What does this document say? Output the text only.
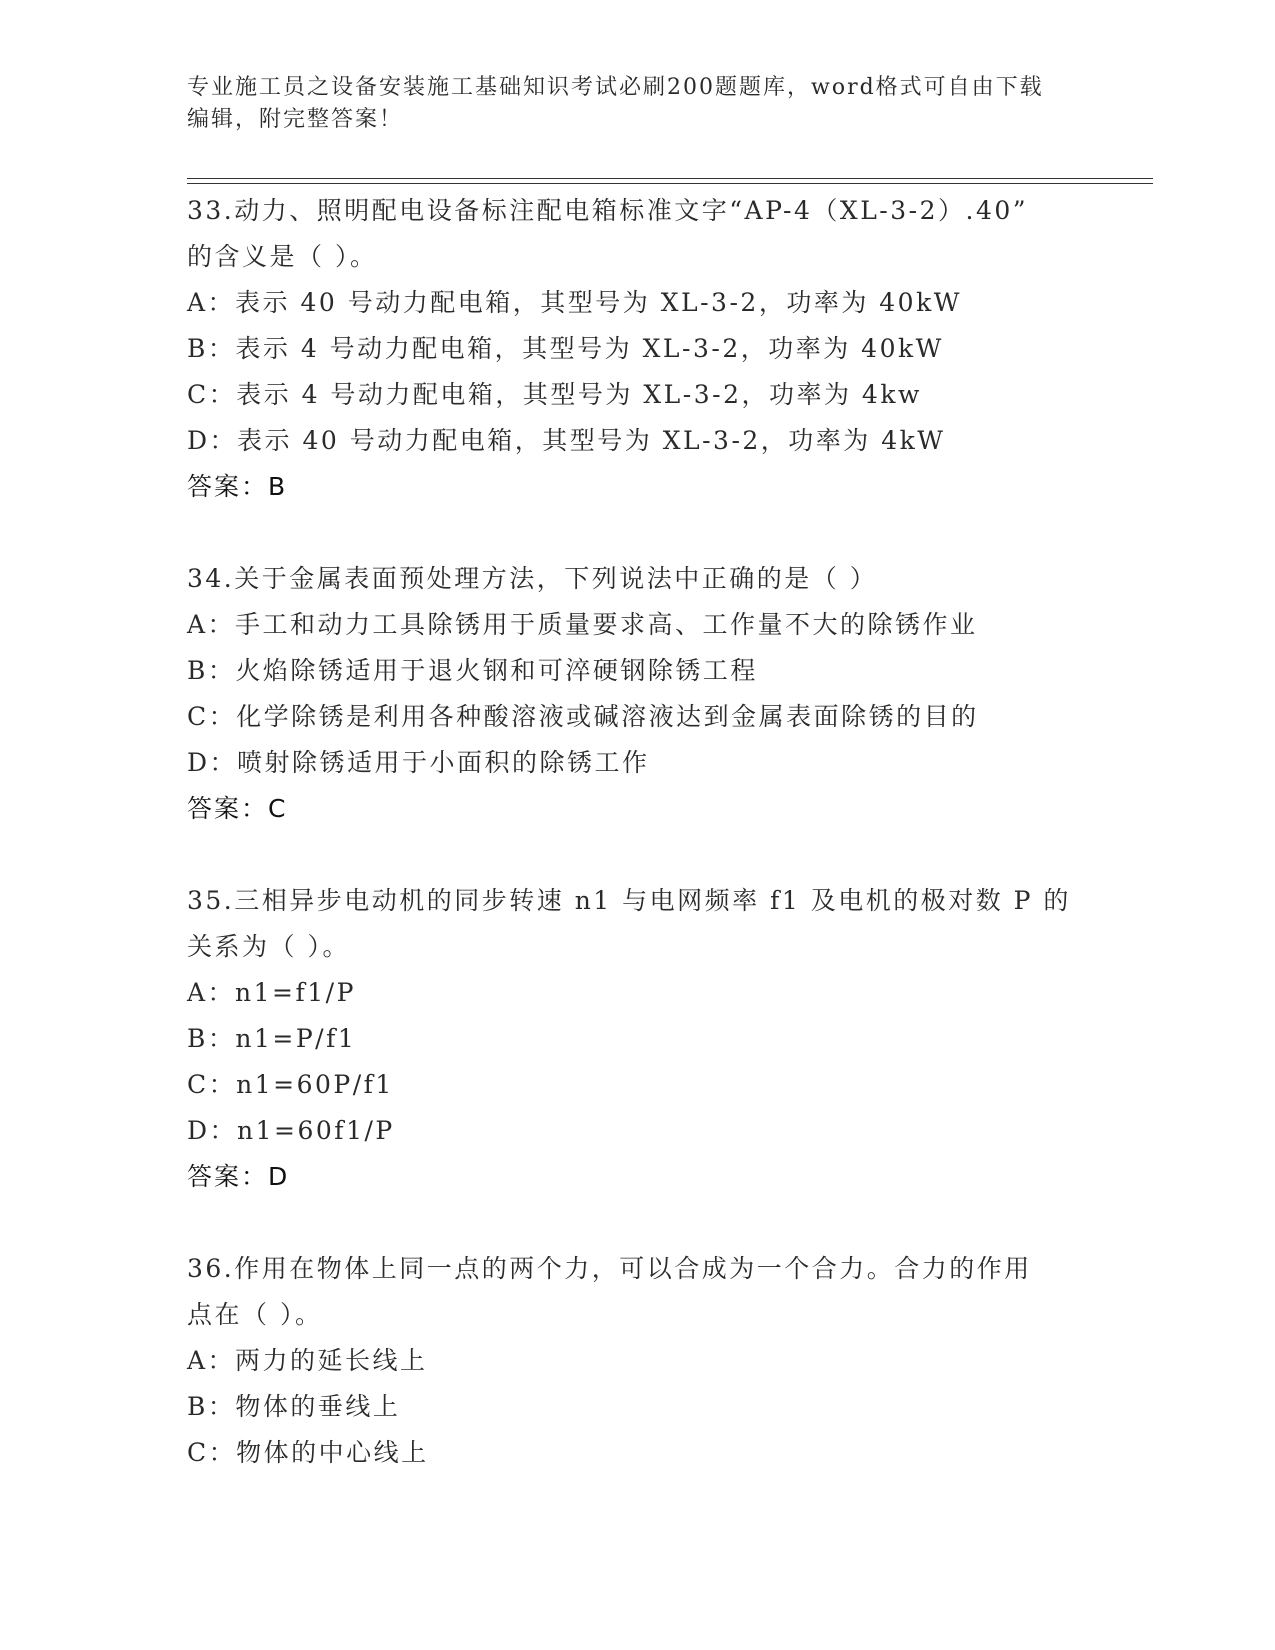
专业施工员之设备安装施工基础知识考试必刷200题题库，word格式可自由下载
编辑，附完整答案！
33.动力、照明配电设备标注配电箱标准文字“AP-4（XL-3-2）.40”
的含义是（ ）。
A：表示 40 号动力配电箱，其型号为 XL-3-2，功率为 40kW
B：表示 4 号动力配电箱，其型号为 XL-3-2，功率为 40kW
C：表示 4 号动力配电箱，其型号为 XL-3-2，功率为 4kw
D：表示 40 号动力配电箱，其型号为 XL-3-2，功率为 4kW
答案：B
34.关于金属表面预处理方法，下列说法中正确的是（ ）
A：手工和动力工具除锈用于质量要求高、工作量不大的除锈作业
B：火焰除锈适用于退火钢和可淬硬钢除锈工程
C：化学除锈是利用各种酸溶液或碱溶液达到金属表面除锈的目的
D：喷射除锈适用于小面积的除锈工作
答案：C
35.三相异步电动机的同步转速 n1 与电网频率 f1 及电机的极对数 P 的
关系为（ ）。
A：n1=f1/P
B：n1=P/f1
C：n1=60P/f1
D：n1=60f1/P
答案：D
36.作用在物体上同一点的两个力，可以合成为一个合力。合力的作用
点在（ ）。
A：两力的延长线上
B：物体的垂线上
C：物体的中心线上
